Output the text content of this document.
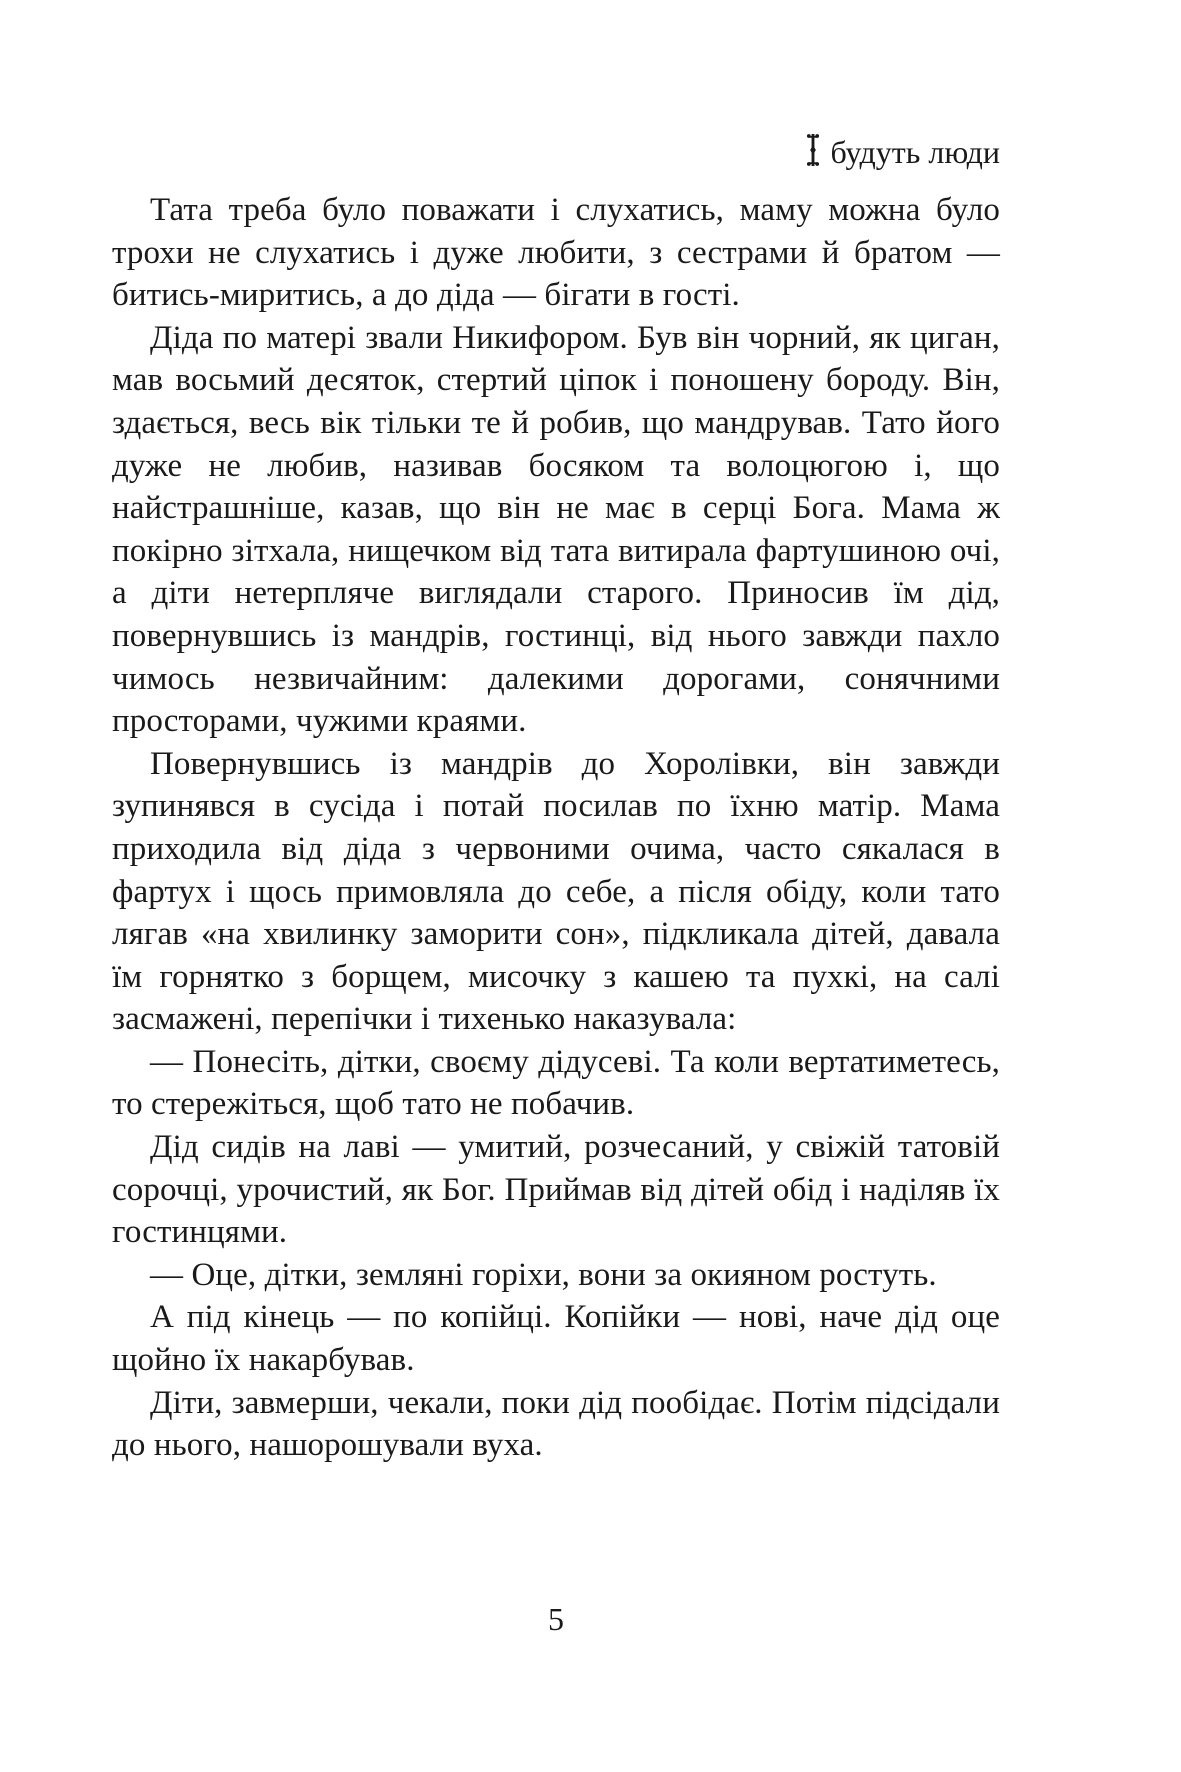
будуть люди

Тата треба було поважати і слухатись, маму можна було трохи не слухатись і дуже любити, з сестрами й братом — битись-миритись, а до діда — бігати в гості.

Діда по матері звали Никифором. Був він чорний, як циган, мав восьмий десяток, стертий ціпок і поношену бороду. Він, здається, весь вік тільки те й робив, що мандрував. Тато його дуже не любив, називав босяком та волоцюгою і, що найстрашніше, казав, що він не має в серці Бога. Мама ж покірно зітхала, нищечком від тата витирала фартушиною очі, а діти нетерпляче виглядали старого. Приносив їм дід, повернувшись із мандрів, гостинці, від нього завжди пахло чимось незвичайним: далекими дорогами, сонячними просторами, чужими краями.

Повернувшись із мандрів до Хоролівки, він завжди зупинявся в сусіда і потай посилав по їхню матір. Мама приходила від діда з червоними очима, часто сякалася в фартух і щось примовляла до себе, а після обіду, коли тато лягав «на хвилинку заморити сон», підкликала дітей, давала їм горнятко з борщем, мисочку з кашею та пухкі, на салі засмажені, перепічки і тихенько наказувала:

— Понесіть, дітки, своєму дідусеві. Та коли вертатиметесь, то стережіться, щоб тато не побачив.

Дід сидів на лаві — умитий, розчесаний, у свіжій татовій сорочці, урочистий, як Бог. Приймав від дітей обід і наділяв їх гостинцями.

— Оце, дітки, земляні горіхи, вони за окияном ростуть.

А під кінець — по копійці. Копійки — нові, наче дід оце щойно їх накарбував.

Діти, завмерши, чекали, поки дід пообідає. Потім підсідали до нього, нашорошували вуха.

5
